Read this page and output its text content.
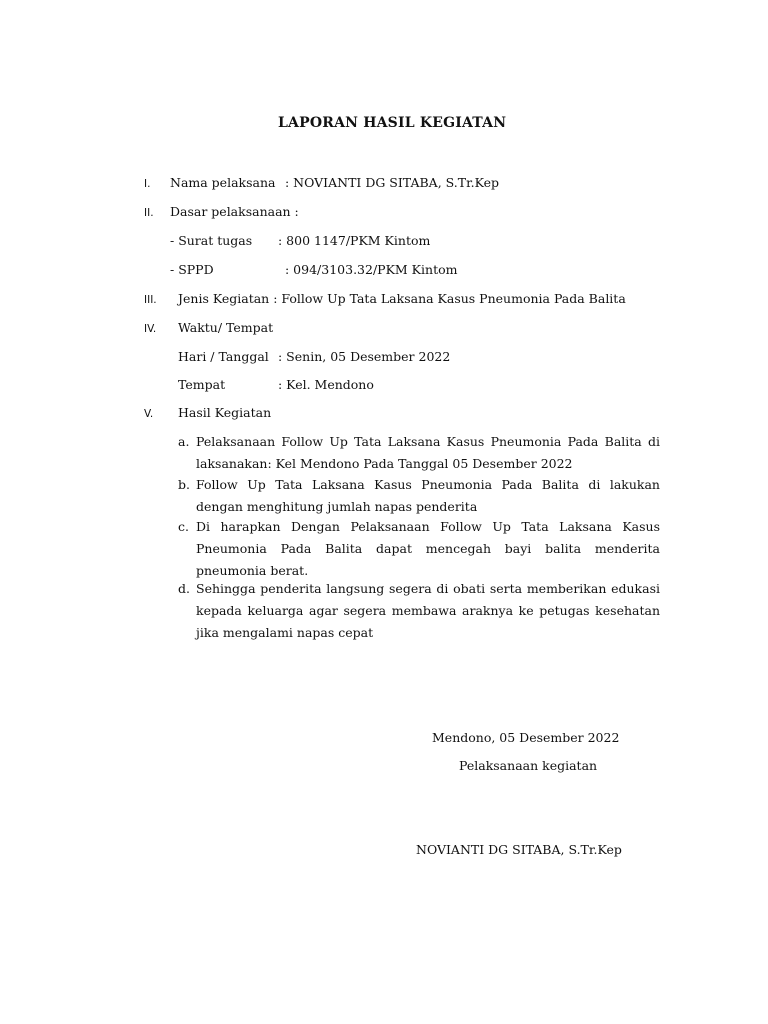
LAPORAN HASIL KEGIATAN
I. Nama pelaksana : NOVIANTI DG SITABA, S.Tr.Kep
II. Dasar pelaksanaan :
- Surat tugas : 800 1147/PKM Kintom
- SPPD	: 094/3103.32/PKM Kintom
III. Jenis Kegiatan : Follow Up Tata Laksana Kasus Pneumonia Pada Balita
IV. Waktu/ Tempat
Hari / Tanggal : Senin, 05 Desember 2022
Tempat	: Kel. Mendono
V. Hasil Kegiatan
a. Pelaksanaan Follow Up Tata Laksana Kasus Pneumonia Pada Balita di laksanakan: Kel Mendono Pada Tanggal 05 Desember 2022
b. Follow Up Tata Laksana Kasus Pneumonia Pada Balita di lakukan dengan menghitung jumlah napas penderita
c. Di harapkan Dengan Pelaksanaan Follow Up Tata Laksana Kasus Pneumonia Pada Balita dapat mencegah bayi balita menderita pneumonia berat.
d. Sehingga penderita langsung segera di obati serta memberikan edukasi kepada keluarga agar segera membawa araknya ke petugas kesehatan jika mengalami napas cepat
Mendono, 05 Desember 2022
Pelaksanaan kegiatan
NOVIANTI DG SITABA, S.Tr.Kep
